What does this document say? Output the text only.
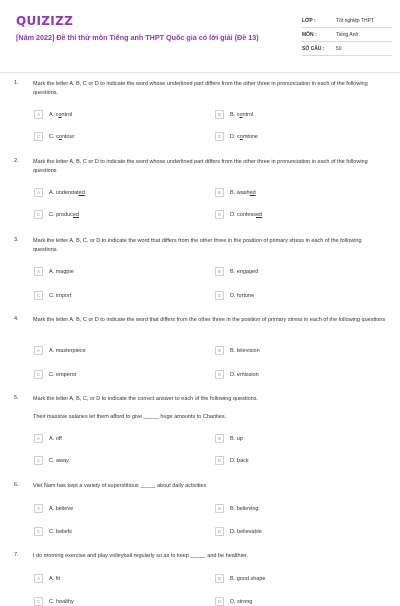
QUIZIZZ
[Năm 2022] Đề thi thử môn Tiếng anh THPT Quốc gia có lời giải (Đề 13)
LỚP :	Tốt nghiệp THPT
MÔN :	Tiếng Anh
SỐ CÂU :	50
1.	Mark the letter A, B, C or D to indicate the word whose underlined part differs from the other three in pronunciation in each of the following questions.
A	A. control	B	B. control
C	C. contour	D	D. combine
2.	Mark the letter A, B, C or D to indicate the word whose underlined part differs from the other three in pronunciation in each of the following questions
A	A. understated	B	B. washed
C	C. produced	D	D. confessed
3.	Mark the letter A, B, C, or D to indicate the word that differs from the other three in the position of primary stress in each of the following questions.
A	A. magpie	B	B. engaged
C	C. import	D	D. fortune
4.	Mark the letter A, B, C or D to indicate the word that differs from the other three in the position of primary stress in each of the following questions
A	A. masterpiece	B	B. television
C	C. emperor	D	D. emission
5.	Mark the letter A, B, C, or D to indicate the correct answer to each of the following questions.
Their massive salaries let them afford to give _____ huge amounts to Charities.
A	A. off	B	B. up
C	C. away	D	D. back
6.	Viet Nam has kept a variety of superstitious _____ about daily activities
A	A. believe	B	B. believing
C	C. beliefs	D	D. believable
7.	I do morning exercise and play volleyball regularly so as to keep _____ and be healthier.
A	A. fit	B	B. good shape
C	C. healthy	D	D. strong
